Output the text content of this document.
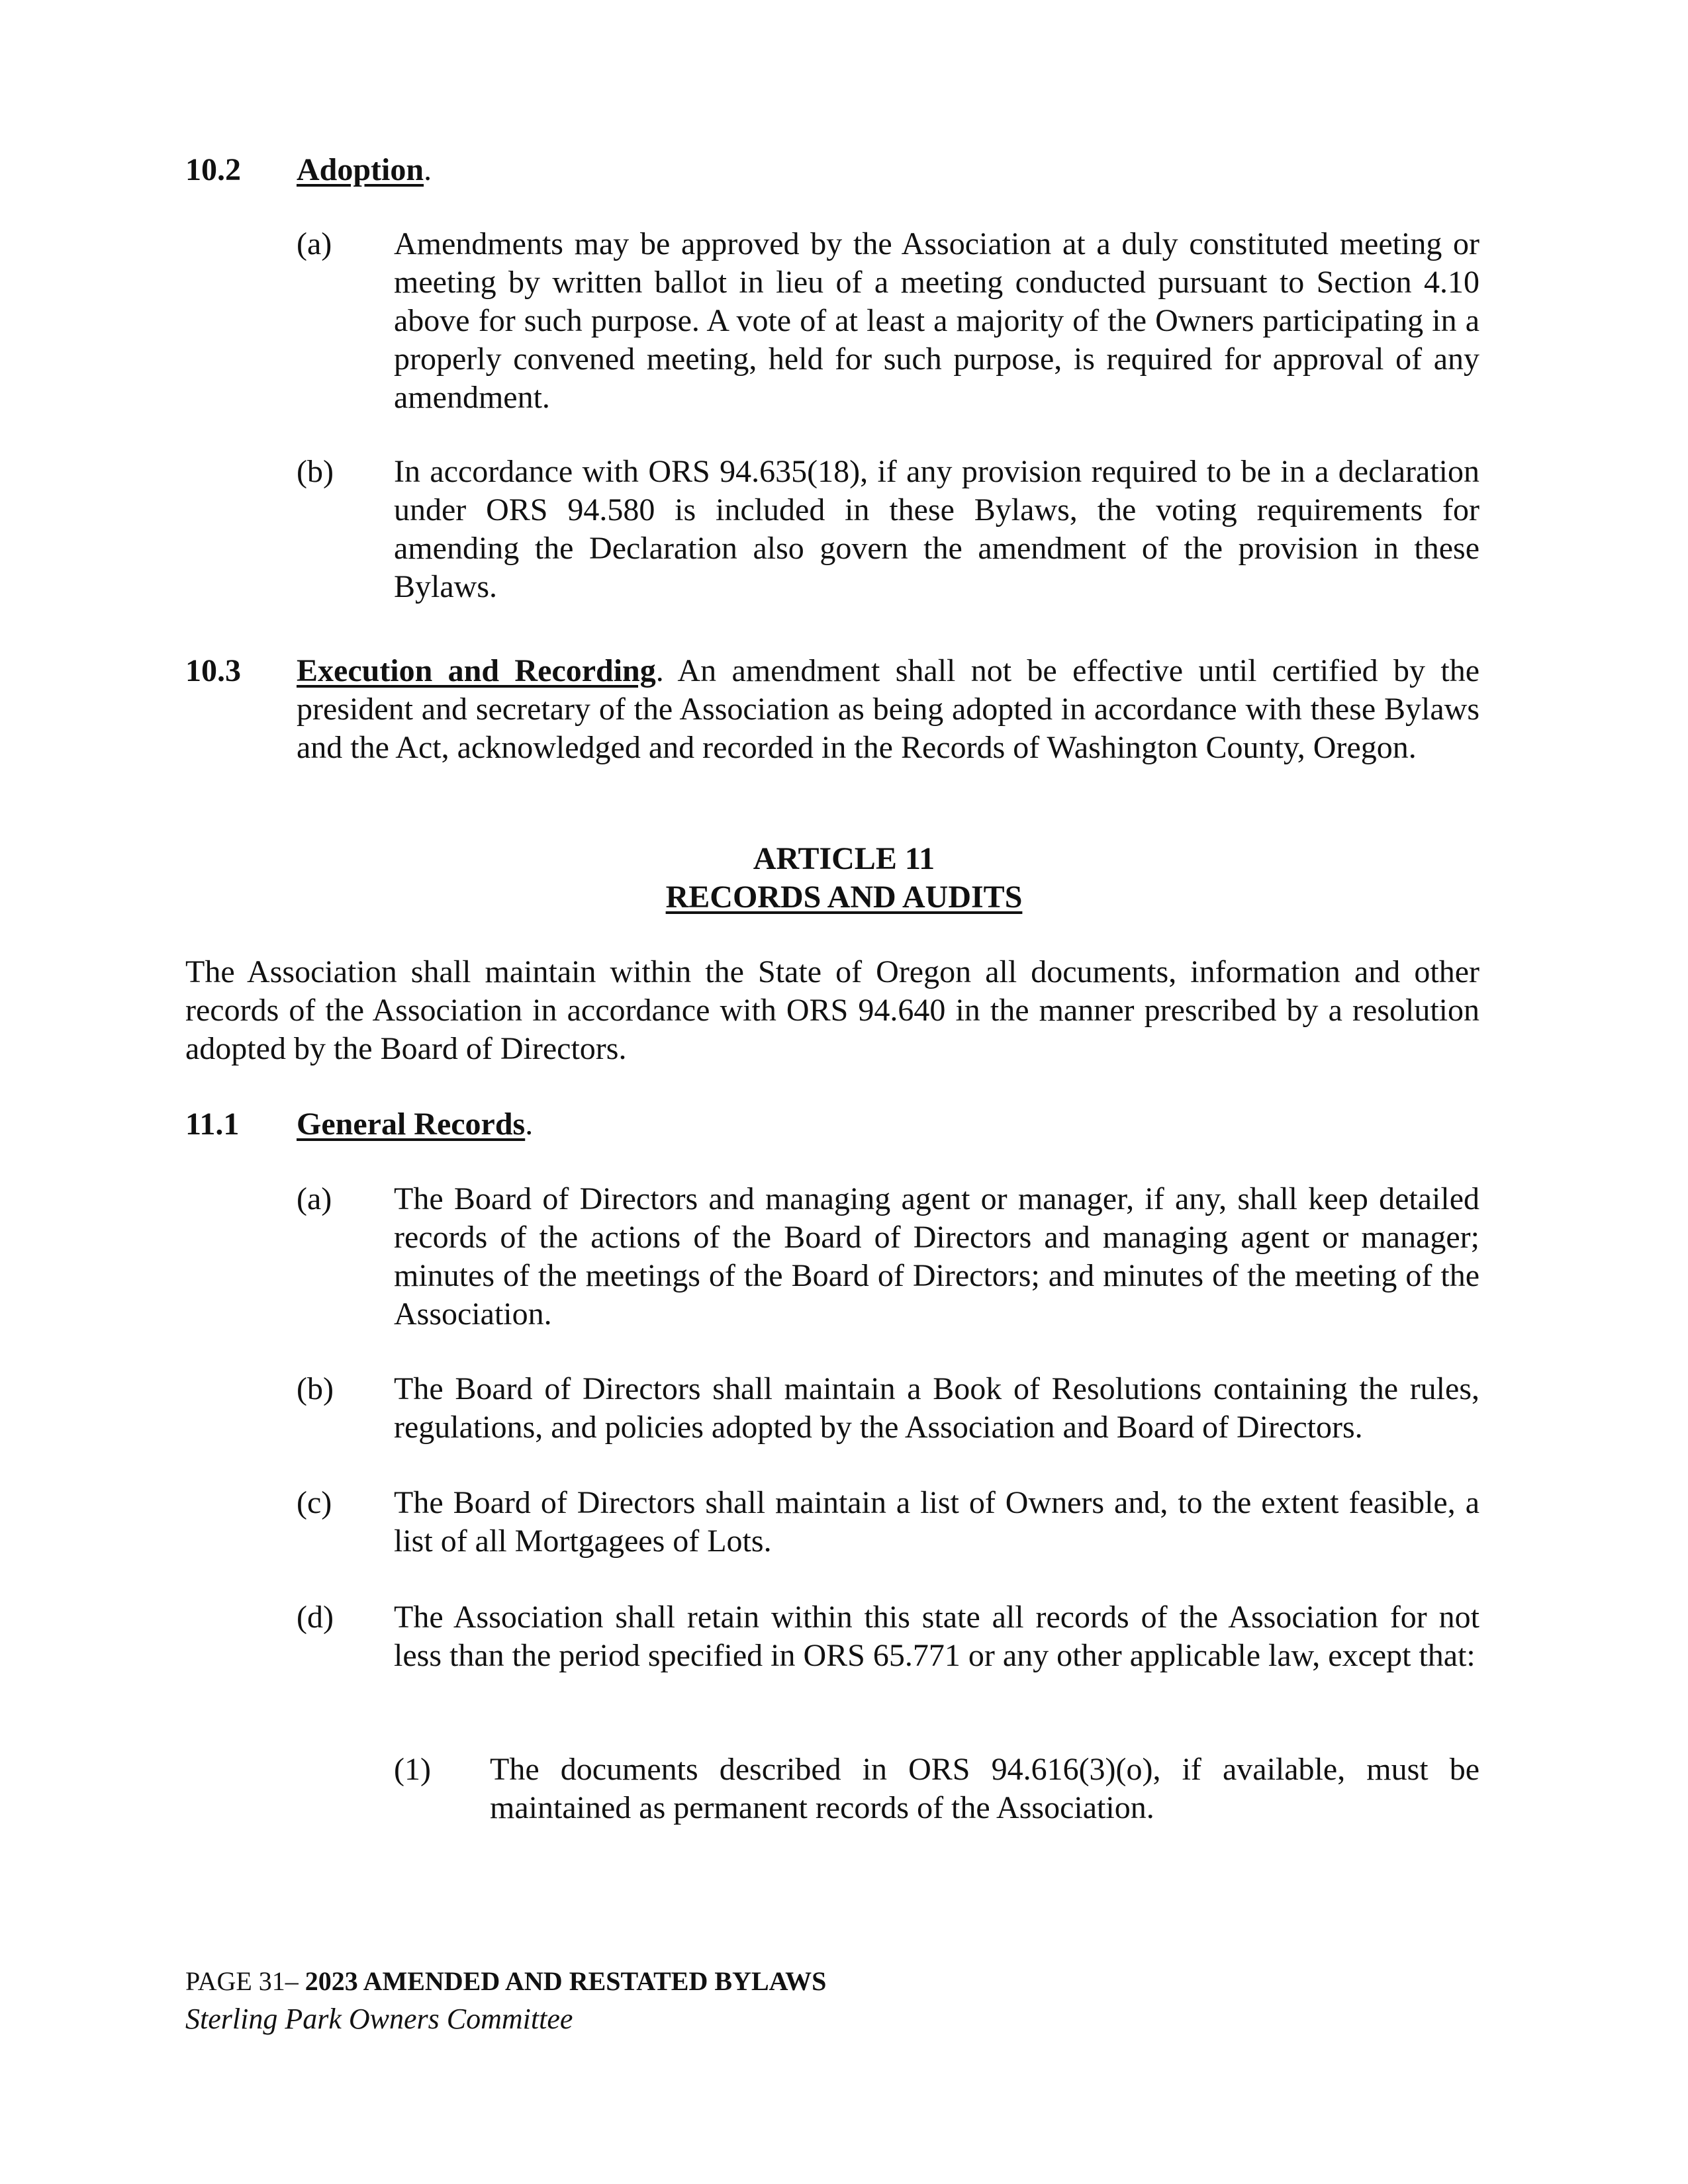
10.2 Adoption.
(a) Amendments may be approved by the Association at a duly constituted meeting or meeting by written ballot in lieu of a meeting conducted pursuant to Section 4.10 above for such purpose. A vote of at least a majority of the Owners participating in a properly convened meeting, held for such purpose, is required for approval of any amendment.
(b) In accordance with ORS 94.635(18), if any provision required to be in a declaration under ORS 94.580 is included in these Bylaws, the voting requirements for amending the Declaration also govern the amendment of the provision in these Bylaws.
10.3 Execution and Recording. An amendment shall not be effective until certified by the president and secretary of the Association as being adopted in accordance with these Bylaws and the Act, acknowledged and recorded in the Records of Washington County, Oregon.
ARTICLE 11
RECORDS AND AUDITS
The Association shall maintain within the State of Oregon all documents, information and other records of the Association in accordance with ORS 94.640 in the manner prescribed by a resolution adopted by the Board of Directors.
11.1 General Records.
(a) The Board of Directors and managing agent or manager, if any, shall keep detailed records of the actions of the Board of Directors and managing agent or manager; minutes of the meetings of the Board of Directors; and minutes of the meeting of the Association.
(b) The Board of Directors shall maintain a Book of Resolutions containing the rules, regulations, and policies adopted by the Association and Board of Directors.
(c) The Board of Directors shall maintain a list of Owners and, to the extent feasible, a list of all Mortgagees of Lots.
(d) The Association shall retain within this state all records of the Association for not less than the period specified in ORS 65.771 or any other applicable law, except that:
(1) The documents described in ORS 94.616(3)(o), if available, must be maintained as permanent records of the Association.
PAGE 31– 2023 AMENDED AND RESTATED BYLAWS
Sterling Park Owners Committee
